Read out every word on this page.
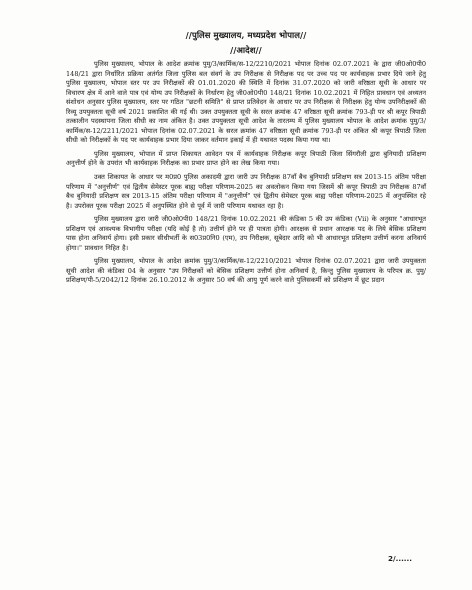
//पुलिस मुख्यालय, मध्यप्रदेश भोपाल//
//आदेश//

पुलिस मुख्यालय, भोपाल के आदेश क्रमांक पुमु/3/कार्मिक/स-12/2210/2021 भोपाल दिनांक 02.07.2021 के द्वारा जी0ओ0पी0 148/21 द्वारा निर्धारित प्रक्रिया अतंर्गत जिला पुलिस बल संवर्ग के उप निरीक्षक से निरीक्षक पद पर उच्च पद पर कार्यवाहक प्रभार दिये जाने हेतु पुलिस मुख्यालय, भोपाल स्तर पर उप निरीक्षकों की 01.01.2020 की स्थिति में दिनांक 31.07.2020 को जारी वरिष्ठता सूची के आधार पर विचारण क्षेत्र में आने वाले पात्र एवं योग्य उप निरीक्षकों के निर्धारण हेतु जी0ओ0पी0 148/21 दिनांक 10.02.2021 में निहित प्रावधान एवं अध्यतन संशोधन अनुसार पुलिस मुख्यालय, स्तर पर गठित "छटनी समिति" से प्राप्त प्रतिवेदन के आधार पर उप निरीक्षक से निरीक्षक हेतु योग्य उपनिरीक्षकों की रिव्यू उपयुक्तता सूची वर्ष 2021 प्रकाशित की गई थी। उक्त उपयुक्तता सूची के सरल क्रमांक 47 वरिष्ठता सूची क्रमांक 793-ड़ी पर श्री कपूर त्रिपाठी तत्कालीन पदस्थापना जिला सीधी का नाम अंकित है। उक्त उपयुक्तता सूची आदेश के तारतम्य में पुलिस मुख्यालय भोपाल के आदेश क्रमांक पुमु/3/कार्मिक/स-12/2211/2021 भोपाल दिनांक 02.07.2021 के सरल क्रमांक 47 वरिष्ठता सूची क्रमांक 793-ड़ी पर अंकित श्री कपूर त्रिपाठी जिला सीधी को निरीक्षकों के पद पर कार्यवाहक प्रभार दिया जाकर वर्तमान इकाई में ही यथावत पदस्थ किया गया था।

पुलिस मुख्यालय, भोपाल में प्राप्त शिकायत आवेदन पत्र में कार्यवाहक निरीक्षक कपूर त्रिपाठी जिला सिंगरौली द्वारा बुनियादी प्रशिक्षण अनुत्तीर्ण होने के उपरांत भी कार्यवाहक निरीक्षक का प्रभार प्राप्त होने का लेख किया गया।

उक्त शिकायत के आधार पर म0प्र0 पुलिस अकादमी द्वारा जारी उप निरीक्षक 87वॉं बैच बुनियादी प्रशिक्षण सत्र 2013-15 अंतिम परीक्षा परिणाम में "अनुत्तीर्ण" एवं द्वितीय सेमेस्टर पूरक बाह्य परीक्षा परिणाम-2025 का अवलोकन किया गया जिसमें श्री कपूर त्रिपाठी उप निरीक्षक 87वॉं बैच बुनियादी प्रशिक्षण सत्र 2013-15 अंतिम परीक्षा परिणाम में "अनुत्तीर्ण" एवं द्वितीय सेमेस्टर पूरक बाह्य परीक्षा परिणाम-2025 में अनुपस्थित रहे है। उपरोक्त पूरक परीक्षा 2025 में अनुपस्थित होने से पूर्व में जारी परिणाम यथावत रहा है।

पुलिस मुख्यालय द्वारा जारी जी0ओ0पी0 148/21 दिनांक 10.02.2021 की कंडिका 5 की उप कंडिका (Vii) के अनुसार "आधारभूत प्रशिक्षण एवं आवश्यक विभागीय परीक्षा (यदि कोई है तो) उत्तीर्ण होने पर ही पात्रता होगी। आरक्षक से प्रधान आरक्षक पद के लिये बेसिक प्रशिक्षण पास होना अनिवार्य होगा। इसी प्रकार सीधीभर्ती के स03प्र0नि0 (एम), उप निरीक्षक, सूबेदार आदि को भी आधारभूत प्रशिक्षण उत्तीर्ण करना अनिवार्य होगा।" प्रावधान निहित है।

पुलिस मुख्यालय, भोपाल के आदेश क्रमांक पुमु/3/कार्मिक/स-12/2210/2021 भोपाल दिनांक 02.07.2021 द्वारा जारी उपयुक्तता सूची आदेश की कंडिका 04 के अनुसार "उप निरीक्षकों को बेसिक प्रशिक्षण उत्तीर्ण होना अनिवार्य है, किन्तु पुलिस मुख्यालय के परिपत्र क्र. पुमु/प्रशिक्षण/पी-5/2042/12 दिनांक 26.10.2012 के अनुसार 50 वर्ष की आयु पूर्ण करने वाले पुलिसकर्मी को प्रशिक्षण में छूट प्रदान

2/......
